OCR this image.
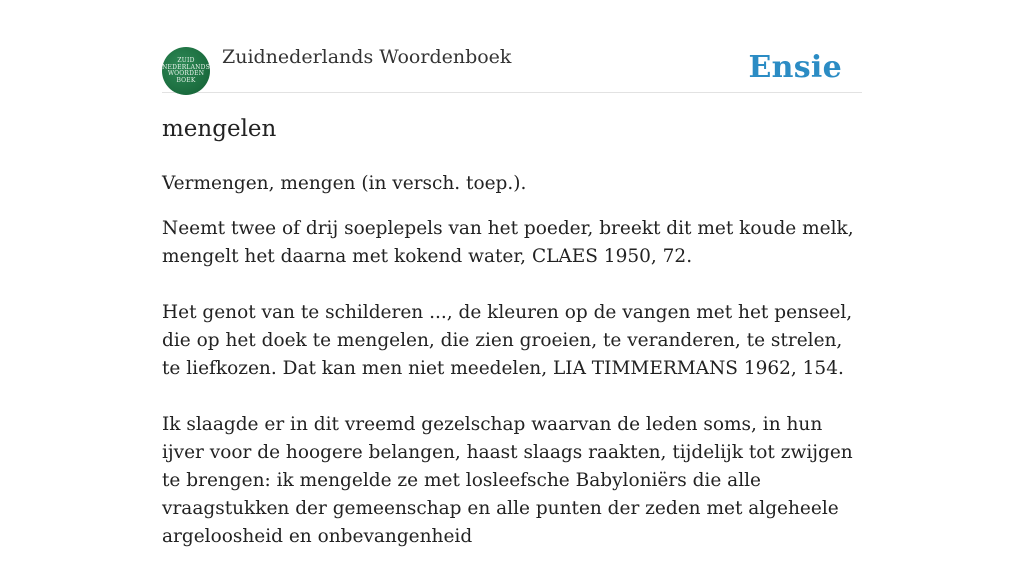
ZUID
NEDERLANDS
WOORDEN
BOEK
Zuidnederlands Woordenboek	Ensie
mengelen

Vermengen, mengen (in versch. toep.).

Neemt twee of drij soeplepels van het poeder, breekt dit met koude melk, mengelt het daarna met kokend water, CLAES 1950, 72.

Het genot van te schilderen ..., de kleuren op de vangen met het penseel, die op het doek te mengelen, die zien groeien, te veranderen, te strelen, te liefkozen. Dat kan men niet meedelen, LIA TIMMERMANS 1962, 154.

Ik slaagde er in dit vreemd gezelschap waarvan de leden soms, in hun ijver voor de hoogere belangen, haast slaags raakten, tijdelijk tot zwijgen te brengen: ik mengelde ze met losleefsche Babyloniërs die alle vraagstukken der gemeenschap en alle punten der zeden met algeheele argeloosheid en onbevangenheid
